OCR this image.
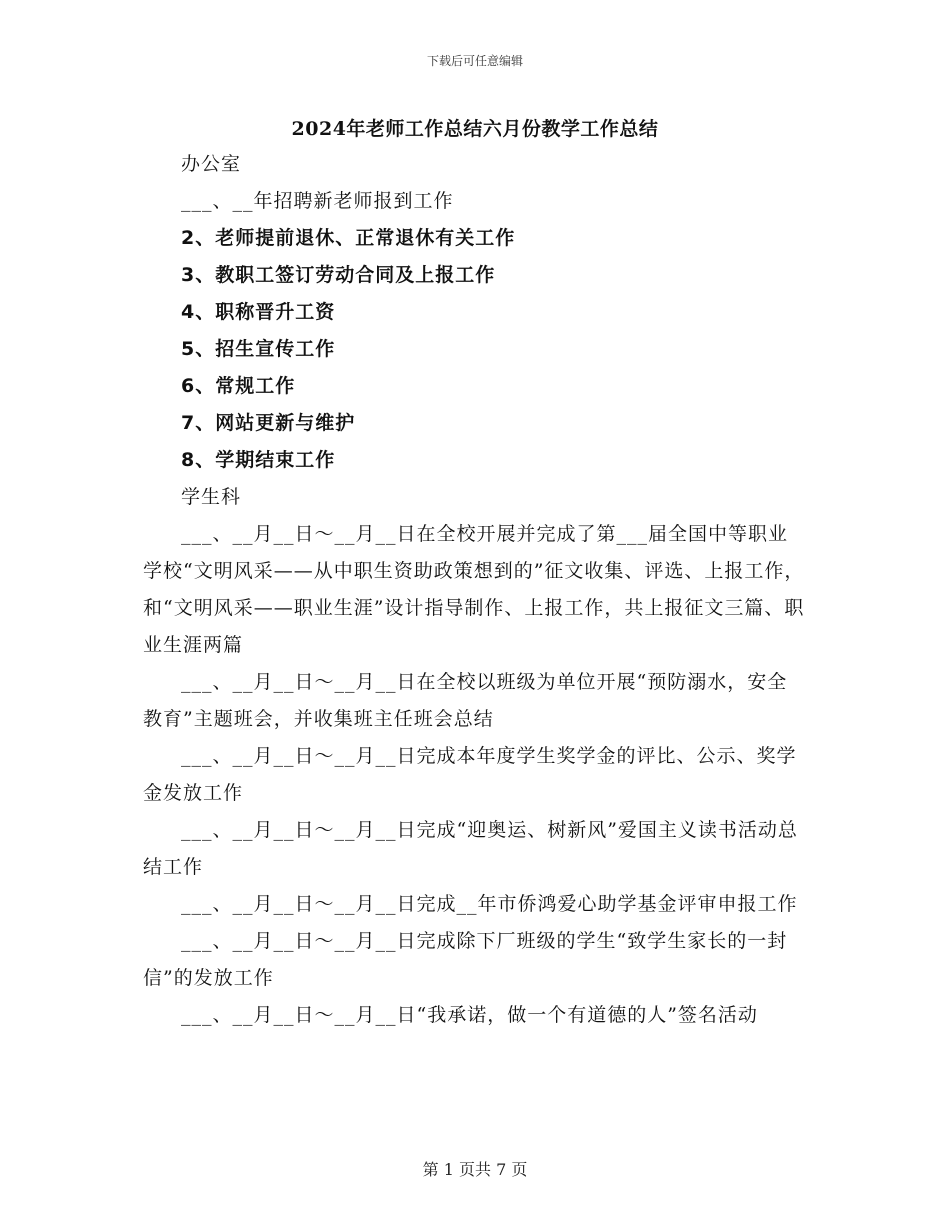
下载后可任意编辑
2024年老师工作总结六月份教学工作总结

办公室

___、__年招聘新老师报到工作

2、老师提前退休、正常退休有关工作

3、教职工签订劳动合同及上报工作

4、职称晋升工资

5、招生宣传工作

6、常规工作

7、网站更新与维护

8、学期结束工作

学生科

___、__月__日～__月__日在全校开展并完成了第___届全国中等职业学校“文明风采——从中职生资助政策想到的”征文收集、评选、上报工作，和“文明风采——职业生涯”设计指导制作、上报工作，共上报征文三篇、职业生涯两篇

___、__月__日～__月__日在全校以班级为单位开展“预防溺水，安全教育”主题班会，并收集班主任班会总结

___、__月__日～__月__日完成本年度学生奖学金的评比、公示、奖学金发放工作

___、__月__日～__月__日完成“迎奥运、树新风”爱国主义读书活动总结工作

___、__月__日～__月__日完成__年市侨鸿爱心助学基金评审申报工作

___、__月__日～__月__日完成除下厂班级的学生“致学生家长的一封信”的发放工作

___、__月__日～__月__日“我承诺，做一个有道德的人”签名活动

第 1 页共 7 页
